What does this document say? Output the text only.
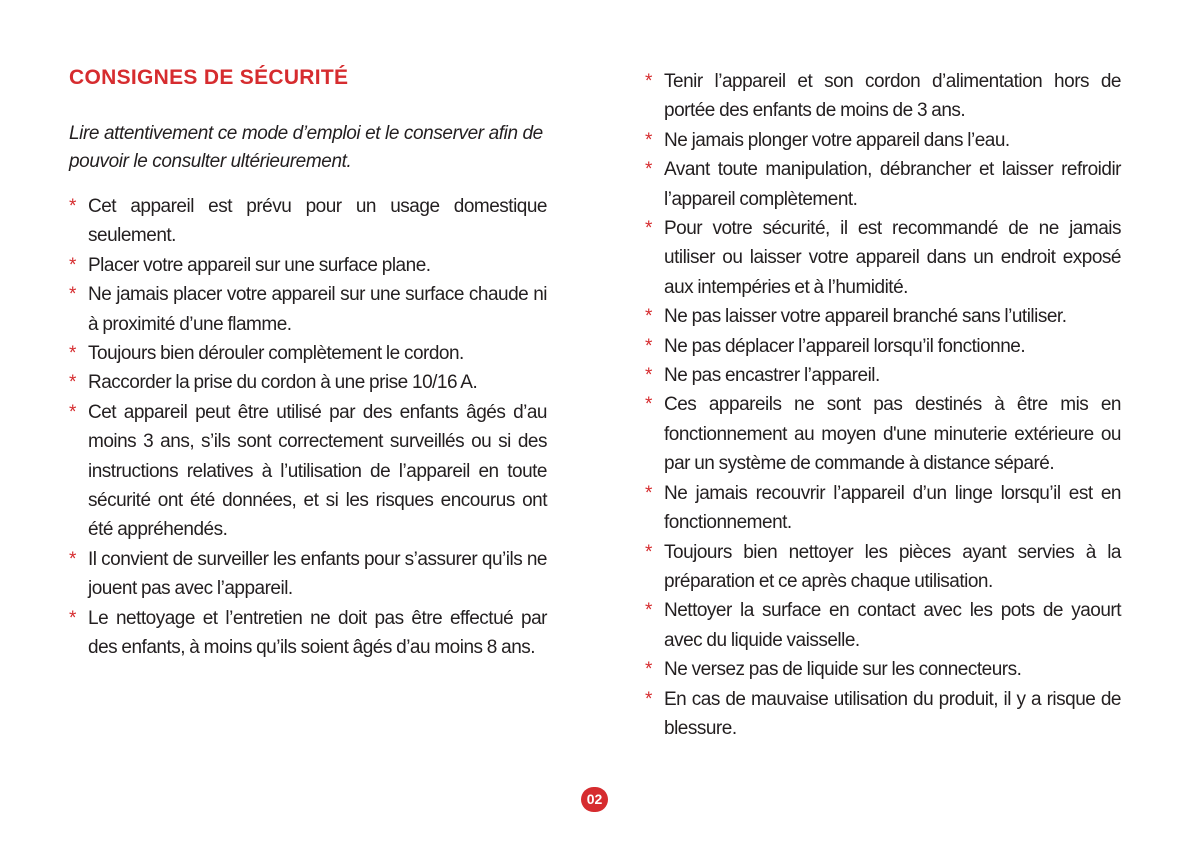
CONSIGNES DE SÉCURITÉ

Lire attentivement ce mode d’emploi et le conserver afin de pouvoir le consulter ultérieurement.

* Cet appareil est prévu pour un usage domestique seulement.
* Placer votre appareil sur une surface plane.
* Ne jamais placer votre appareil sur une surface chaude ni à proximité d’une flamme.
* Toujours bien dérouler complètement le cordon.
* Raccorder la prise du cordon à une prise 10/16 A.
* Cet appareil peut être utilisé par des enfants âgés d’au moins 3 ans, s’ils sont correctement surveillés ou si des instructions relatives à l’utilisation de l’appareil en toute sécurité ont été données, et si les risques encourus ont été appréhendés.
* Il convient de surveiller les enfants pour s’assurer qu’ils ne jouent pas avec l’appareil.
* Le nettoyage et l’entretien ne doit pas être effectué par des enfants, à moins qu’ils soient âgés d’au moins 8 ans.
* Tenir l’appareil et son cordon d’alimentation hors de portée des enfants de moins de 3 ans.
* Ne jamais plonger votre appareil dans l’eau.
* Avant toute manipulation, débrancher et laisser refroidir l’appareil complètement.
* Pour votre sécurité, il est recommandé de ne jamais utiliser ou laisser votre appareil dans un endroit exposé aux intempéries et à l’humidité.
* Ne pas laisser votre appareil branché sans l’utiliser.
* Ne pas déplacer l’appareil lorsqu’il fonctionne.
* Ne pas encastrer l’appareil.
* Ces appareils ne sont pas destinés à être mis en fonctionnement au moyen d'une minuterie extérieure ou par un système de commande à distance séparé.
* Ne jamais recouvrir l’appareil d’un linge lorsqu’il est en fonctionnement.
* Toujours bien nettoyer les pièces ayant servies à la préparation et ce après chaque utilisation.
* Nettoyer la surface en contact avec les pots de yaourt avec du liquide vaisselle.
* Ne versez pas de liquide sur les connecteurs.
* En cas de mauvaise utilisation du produit, il y a risque de blessure.
02
